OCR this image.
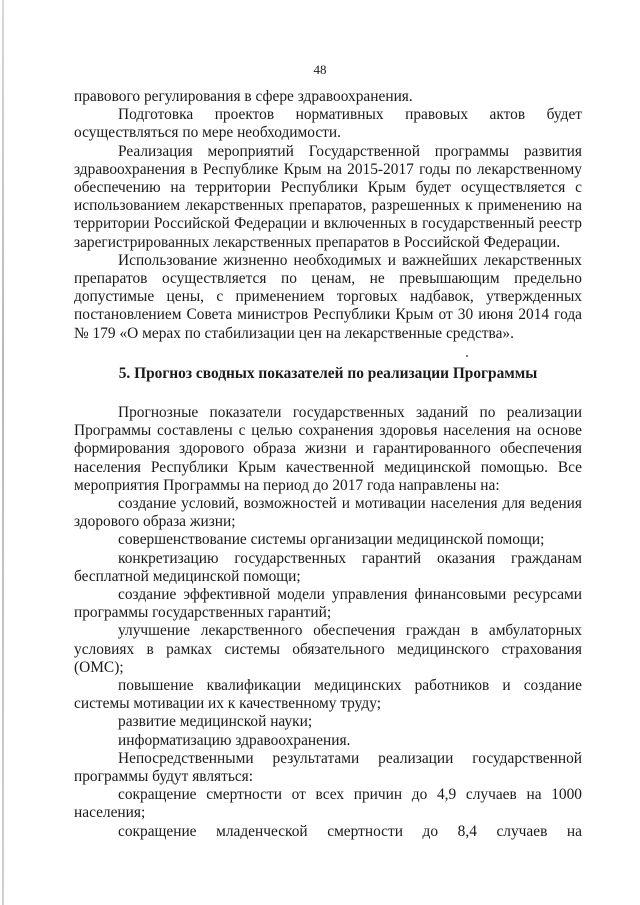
48

правового регулирования в сфере здравоохранения.

Подготовка проектов нормативных правовых актов будет осуществляться по мере необходимости.

Реализация мероприятий Государственной программы развития здравоохранения в Республике Крым на 2015-2017 годы по лекарственному обеспечению на территории Республики Крым будет осуществляется с использованием лекарственных препаратов, разрешенных к применению на территории Российской Федерации и включенных в государственный реестр зарегистрированных лекарственных препаратов в Российской Федерации.

Использование жизненно необходимых и важнейших лекарственных препаратов осуществляется по ценам, не превышающим предельно допустимые цены, с применением торговых надбавок, утвержденных постановлением Совета министров Республики Крым от 30 июня 2014 года № 179 «О мерах по стабилизации цен на лекарственные средства».

5. Прогноз сводных показателей по реализации Программы

Прогнозные показатели государственных заданий по реализации Программы составлены с целью сохранения здоровья населения на основе формирования здорового образа жизни и гарантированного обеспечения населения Республики Крым качественной медицинской помощью. Все мероприятия Программы на период до 2017 года направлены на:

создание условий, возможностей и мотивации населения для ведения здорового образа жизни;

совершенствование системы организации медицинской помощи;

конкретизацию государственных гарантий оказания гражданам бесплатной медицинской помощи;

создание эффективной модели управления финансовыми ресурсами программы государственных гарантий;

улучшение лекарственного обеспечения граждан в амбулаторных условиях в рамках системы обязательного медицинского страхования (ОМС);

повышение квалификации медицинских работников и создание системы мотивации их к качественному труду;

развитие медицинской науки;

информатизацию здравоохранения.

Непосредственными результатами реализации государственной программы будут являться:

сокращение смертности от всех причин до 4,9 случаев на 1000 населения;

сокращение младенческой смертности до 8,4 случаев на
